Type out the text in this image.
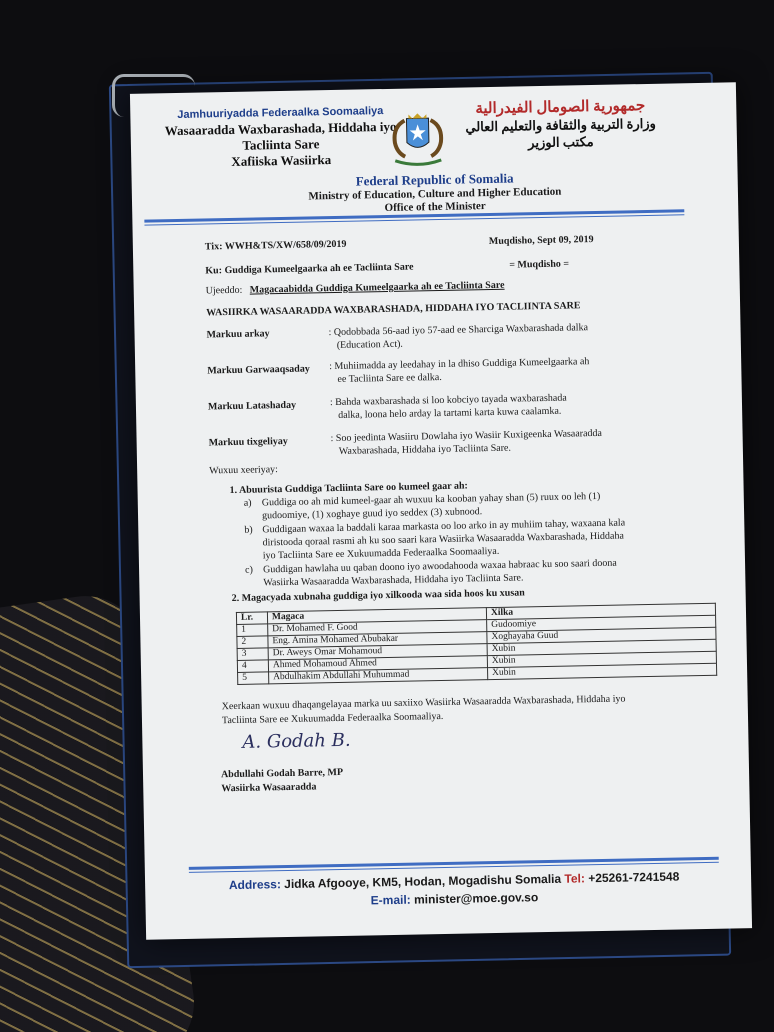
Jamhuuriyadda Federaalka Soomaaliya
Wasaaradda Waxbarashada, Hiddaha iyo
Tacliinta Sare
Xafiiska Wasiirka
جمهورية الصومال الفيدرالية
وزارة التربية والثقافة والتعليم العالي
مكتب الوزير
Federal Republic of Somalia
Ministry of Education, Culture and Higher Education
Office of the Minister
Tix: WWH&TS/XW/658/09/2019	Muqdisho, Sept 09, 2019
Ku: Guddiga Kumeelgaarka ah ee Tacliinta Sare	= Muqdisho =
Ujeeddo: Magacaabidda Guddiga Kumeelgaarka ah ee Tacliinta Sare
WASIIRKA WASAARADDA WAXBARASHADA, HIDDAHA IYO TACLIINTA SARE
Markuu arkay	: Qodobbada 56-aad iyo 57-aad ee Sharciga Waxbarashada dalka
(Education Act).
Markuu Garwaaqsaday : Muhiimadda ay leedahay in la dhiso Guddiga Kumeelgaarka ah
ee Tacliinta Sare ee dalka.
Markuu Latashaday	: Bahda waxbarashada si loo kobciyo tayada waxbarashada
dalka, loona helo arday la tartami karta kuwa caalamka.
Markuu tixgeliyay	: Soo jeedinta Wasiiru Dowlaha iyo Wasiir Kuxigeenka Wasaaradda
Waxbarashada, Hiddaha iyo Tacliinta Sare.
Wuxuu xeeriyay:
1. Abuurista Guddiga Tacliinta Sare oo kumeel gaar ah:
a) Guddiga oo ah mid kumeel-gaar ah wuxuu ka kooban yahay shan (5) ruux oo leh (1)
gudoomiye, (1) xoghaye guud iyo seddex (3) xubnood.
b) Guddigaan waxaa la baddali karaa markasta oo loo arko in ay muhiim tahay, waxaana kala
diristooda qoraal rasmi ah ku soo saari kara Wasiirka Wasaaradda Waxbarashada, Hiddaha
iyo Tacliinta Sare ee Xukuumadda Federaalka Soomaaliya.
c) Guddigan hawlaha uu qaban doono iyo awoodahooda waxaa habraac ku soo saari doona
Wasiirka Wasaaradda Waxbarashada, Hiddaha iyo Tacliinta Sare.
2. Magacyada xubnaha guddiga iyo xilkooda waa sida hoos ku xusan
Lr.	Magaca	Xilka
1	Dr. Mohamed F. Good	Gudoomiye
2	Eng. Amina Mohamed Abubakar	Xoghayaha Guud
3	Dr. Aweys Omar Mohamoud	Xubin
4	Ahmed Mohamoud Ahmed	Xubin
5	Abdulhakim Abdullahi Muhummad	Xubin
Xeerkaan wuxuu dhaqangelayaa marka uu saxiixo Wasiirka Wasaaradda Waxbarashada, Hiddaha iyo
Tacliinta Sare ee Xukuumadda Federaalka Soomaaliya.
A. Godah B.
Abdullahi Godah Barre, MP
Wasiirka Wasaaradda
Address: Jidka Afgooye, KM5, Hodan, Mogadishu Somalia Tel: +25261-7241548
E-mail: minister@moe.gov.so
